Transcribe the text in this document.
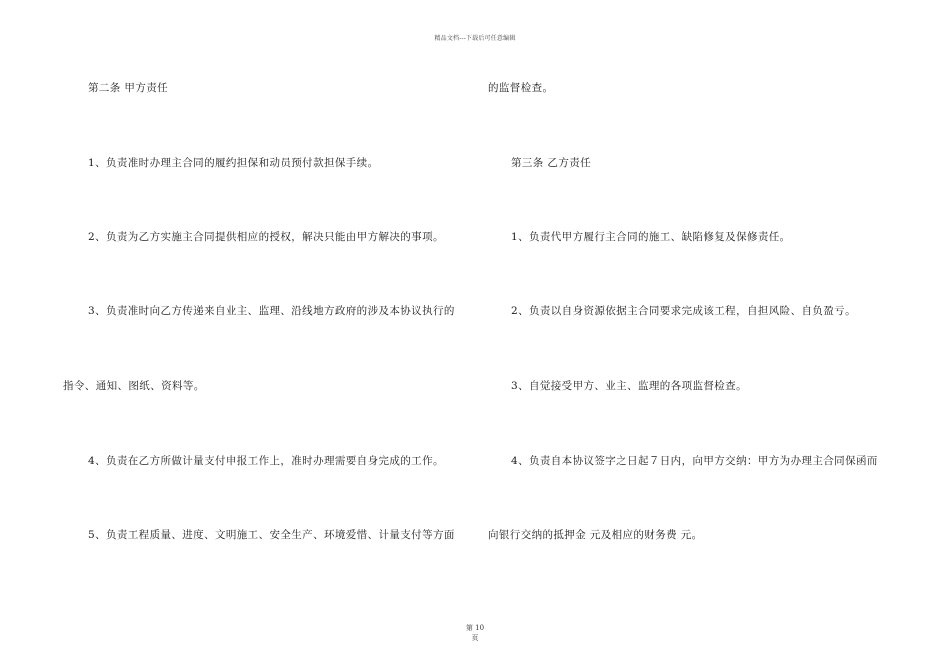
精品文档---下载后可任意编辑
第二条 甲方责任
1、负责准时办理主合同的履约担保和动员预付款担保手续。
2、负责为乙方实施主合同提供相应的授权，解决只能由甲方解决的事项。
3、负责准时向乙方传递来自业主、监理、沿线地方政府的涉及本协议执行的
指令、通知、图纸、资料等。
4、负责在乙方所做计量支付申报工作上，准时办理需要自身完成的工作。
5、负责工程质量、进度、文明施工、安全生产、环境爱惜、计量支付等方面
的监督检查。
第三条 乙方责任
1、负责代甲方履行主合同的施工、缺陷修复及保修责任。
2、负责以自身资源依据主合同要求完成该工程，自担风险、自负盈亏。
3、自觉接受甲方、业主、监理的各项监督检查。
4、负责自本协议签字之日起７日内，向甲方交纳：甲方为办理主合同保函而
向银行交纳的抵押金 元及相应的财务费 元。
第 10
页
